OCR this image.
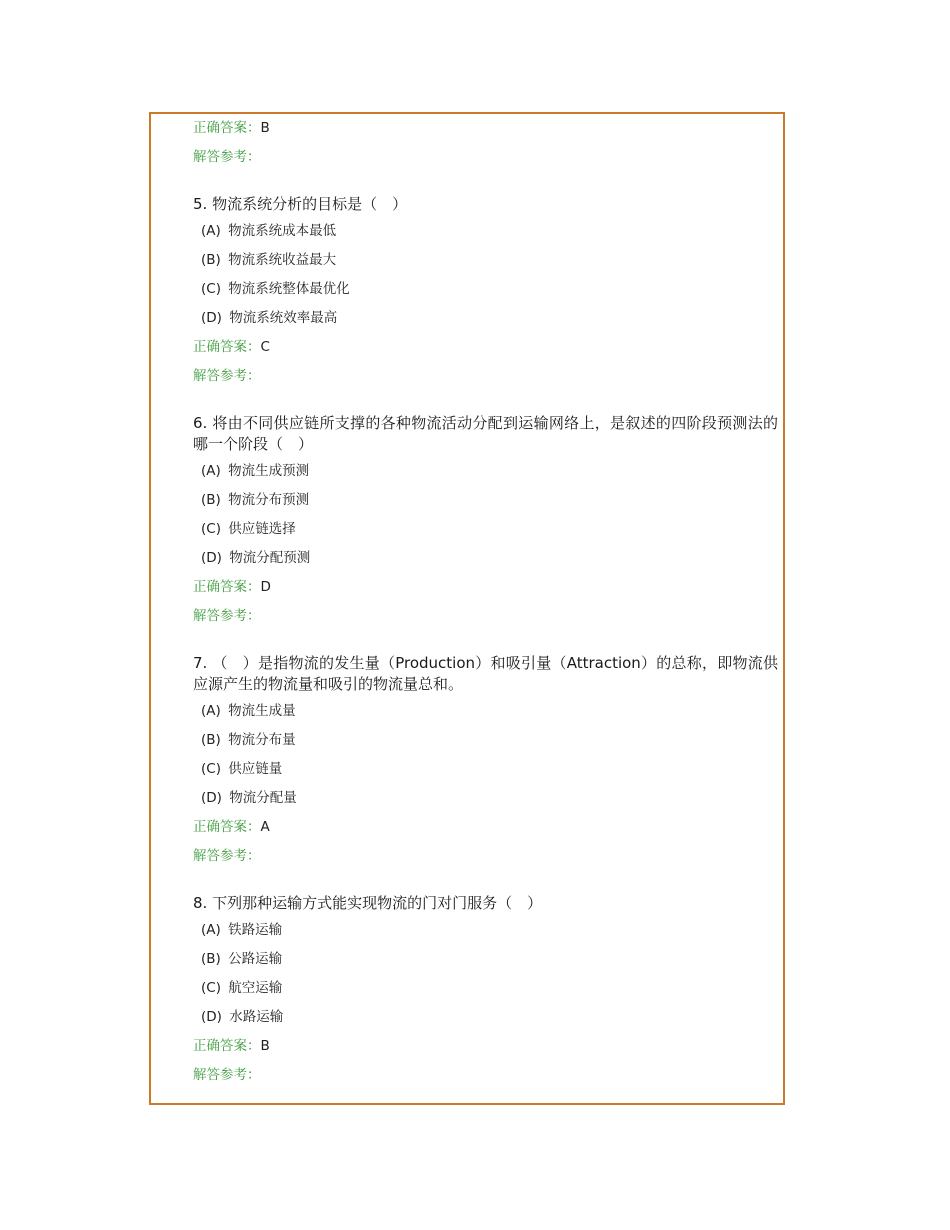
正确答案：B
解答参考：
5. 物流系统分析的目标是（　）
(A) 物流系统成本最低
(B) 物流系统收益最大
(C) 物流系统整体最优化
(D) 物流系统效率最高
正确答案：C
解答参考：
6. 将由不同供应链所支撑的各种物流活动分配到运输网络上，是叙述的四阶段预测法的哪一个阶段（　）
(A) 物流生成预测
(B) 物流分布预测
(C) 供应链选择
(D) 物流分配预测
正确答案：D
解答参考：
7. （　）是指物流的发生量（Production）和吸引量（Attraction）的总称，即物流供应源产生的物流量和吸引的物流量总和。
(A) 物流生成量
(B) 物流分布量
(C) 供应链量
(D) 物流分配量
正确答案：A
解答参考：
8. 下列那种运输方式能实现物流的门对门服务（　）
(A) 铁路运输
(B) 公路运输
(C) 航空运输
(D) 水路运输
正确答案：B
解答参考：
